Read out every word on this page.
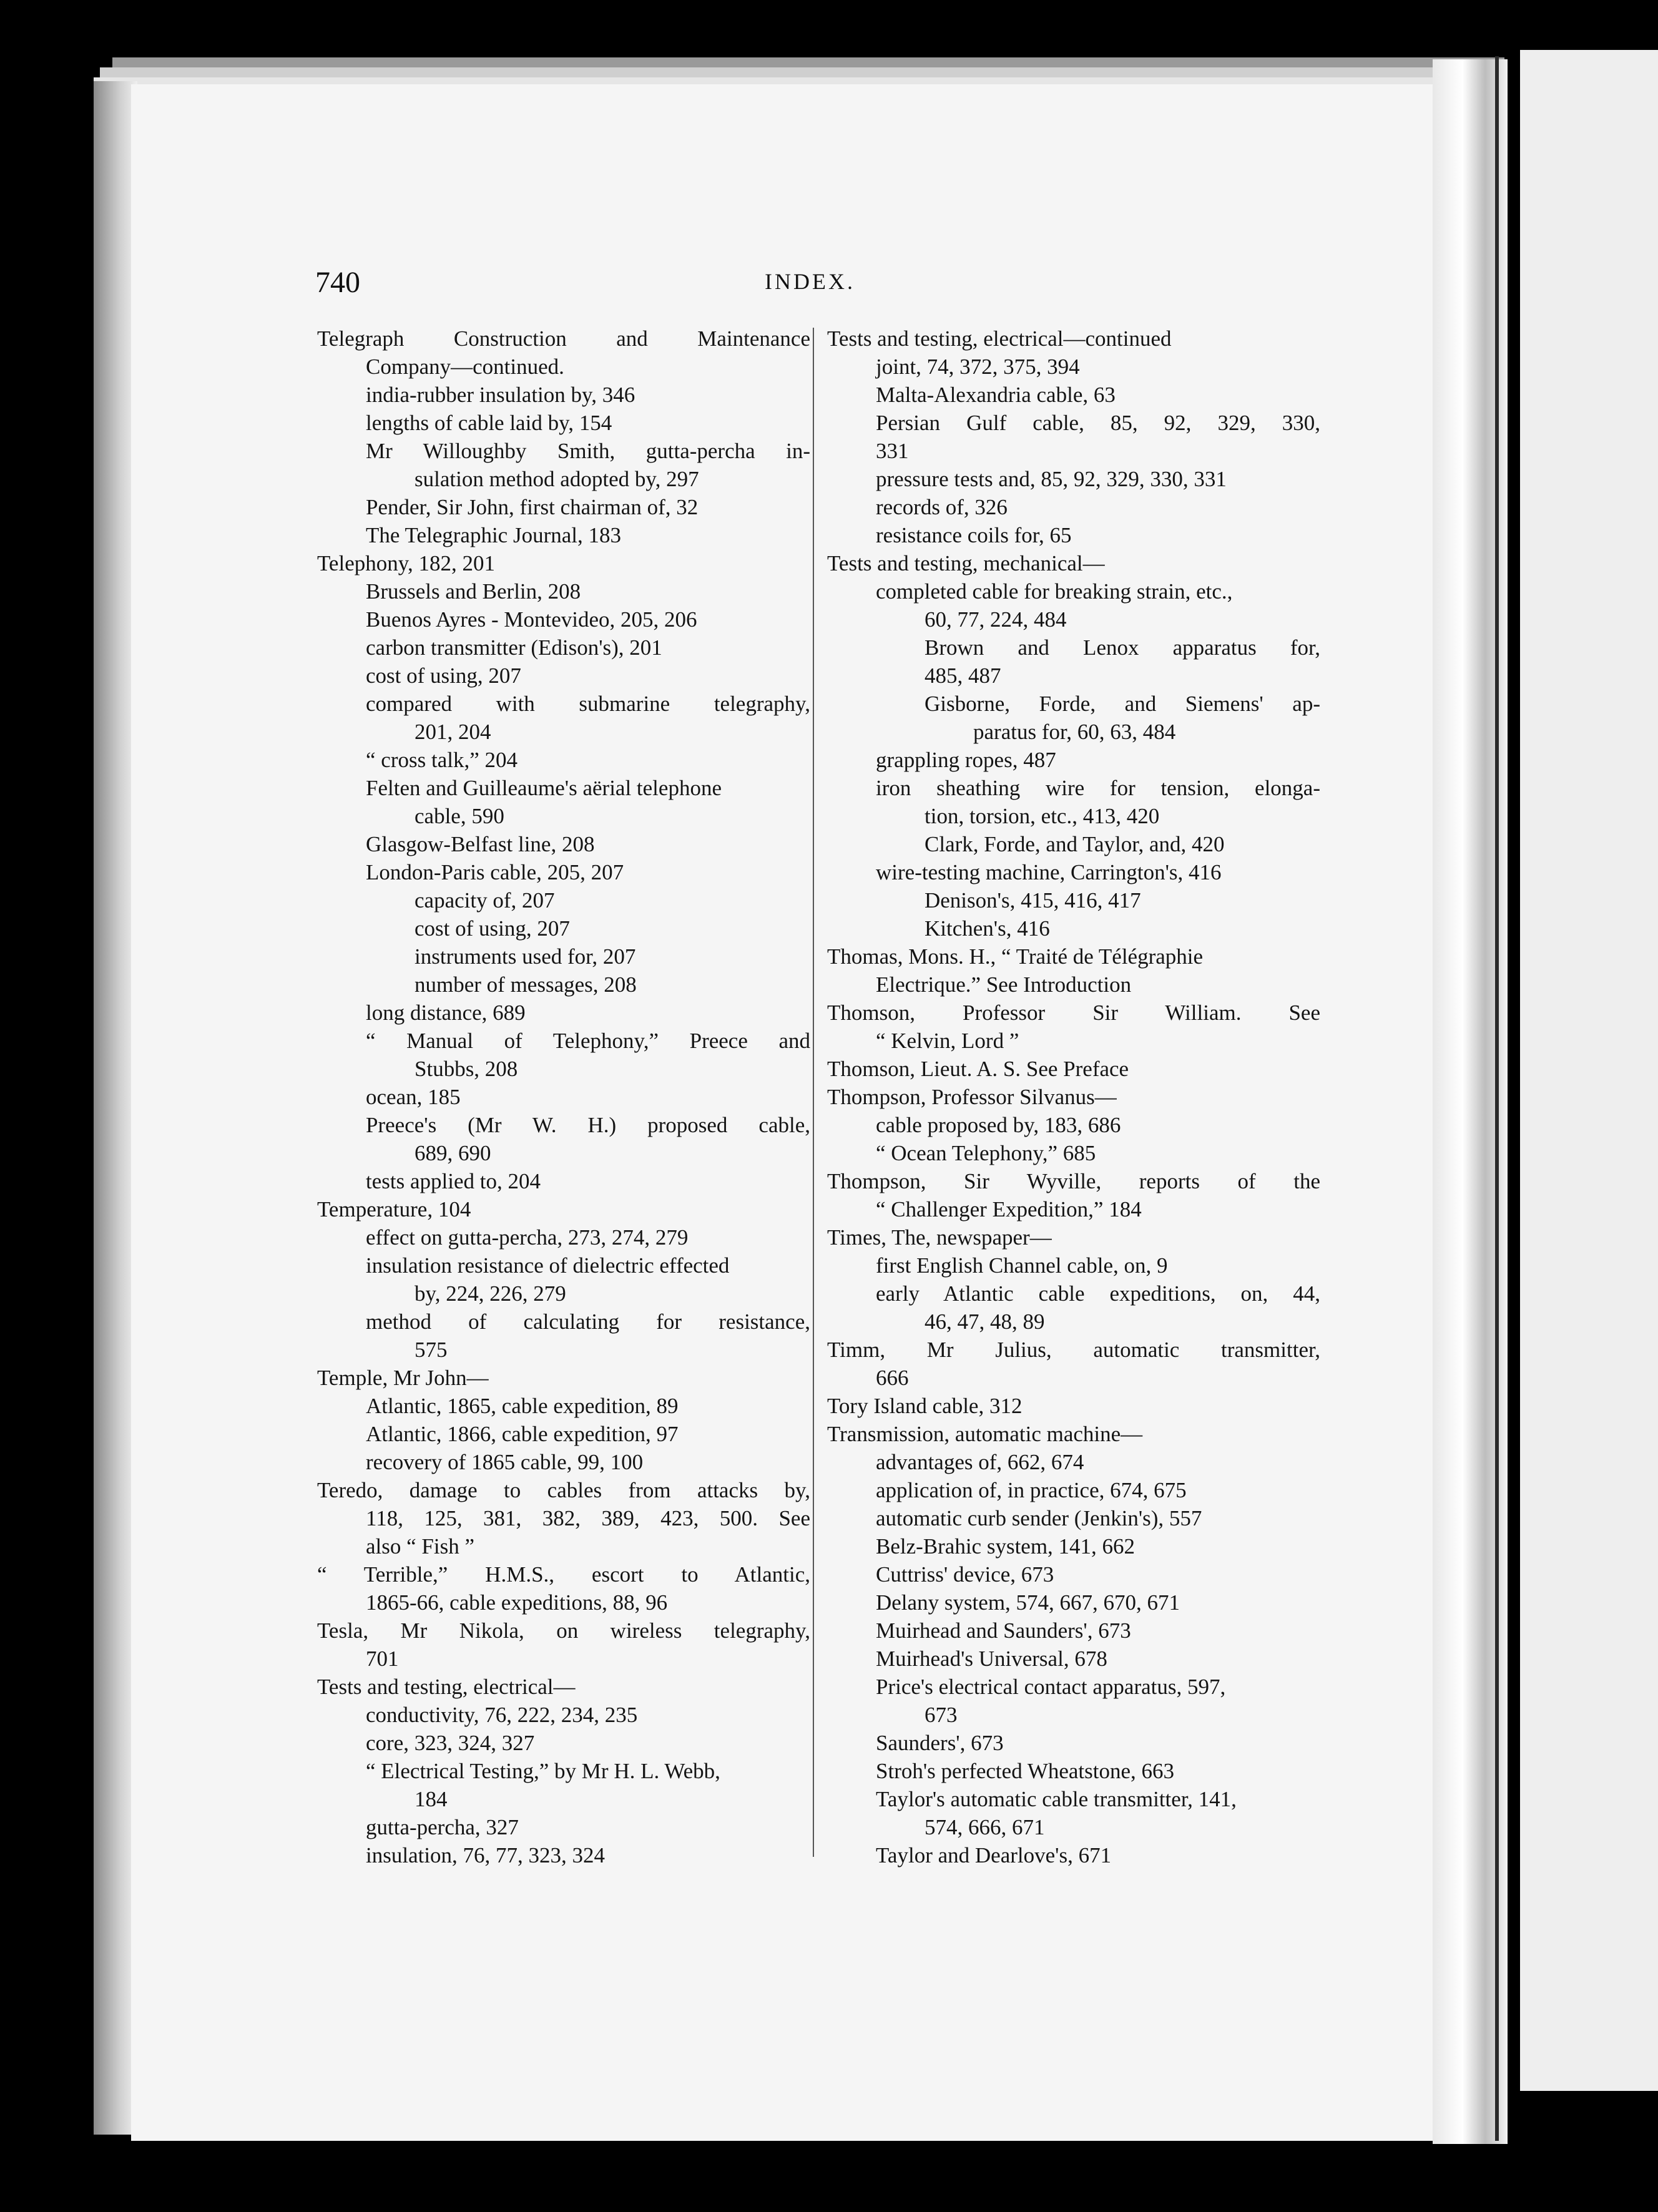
740	INDEX.
Telegraph Construction and Maintenance
Company—continued.
india-rubber insulation by, 346
lengths of cable laid by, 154
Mr Willoughby Smith, gutta-percha in-
sulation method adopted by, 297
Pender, Sir John, first chairman of, 32
The Telegraphic Journal, 183
Telephony, 182, 201
Brussels and Berlin, 208
Buenos Ayres - Montevideo, 205, 206
carbon transmitter (Edison's), 201
cost of using, 207
compared with submarine telegraphy,
201, 204
“ cross talk,” 204
Felten and Guilleaume's aërial telephone
cable, 590
Glasgow-Belfast line, 208
London-Paris cable, 205, 207
capacity of, 207
cost of using, 207
instruments used for, 207
number of messages, 208
long distance, 689
“ Manual of Telephony,” Preece and
Stubbs, 208
ocean, 185
Preece's (Mr W. H.) proposed cable,
689, 690
tests applied to, 204
Temperature, 104
effect on gutta-percha, 273, 274, 279
insulation resistance of dielectric effected
by, 224, 226, 279
method of calculating for resistance,
575
Temple, Mr John—
Atlantic, 1865, cable expedition, 89
Atlantic, 1866, cable expedition, 97
recovery of 1865 cable, 99, 100
Teredo, damage to cables from attacks by,
118, 125, 381, 382, 389, 423, 500. See
also “ Fish ”
“ Terrible,” H.M.S., escort to Atlantic,
1865-66, cable expeditions, 88, 96
Tesla, Mr Nikola, on wireless telegraphy,
701
Tests and testing, electrical—
conductivity, 76, 222, 234, 235
core, 323, 324, 327
“ Electrical Testing,” by Mr H. L. Webb,
184
gutta-percha, 327
insulation, 76, 77, 323, 324
Tests and testing, electrical—continued
joint, 74, 372, 375, 394
Malta-Alexandria cable, 63
Persian Gulf cable, 85, 92, 329, 330,
331
pressure tests and, 85, 92, 329, 330, 331
records of, 326
resistance coils for, 65
Tests and testing, mechanical—
completed cable for breaking strain, etc.,
60, 77, 224, 484
Brown and Lenox apparatus for,
485, 487
Gisborne, Forde, and Siemens' ap-
paratus for, 60, 63, 484
grappling ropes, 487
iron sheathing wire for tension, elonga-
tion, torsion, etc., 413, 420
Clark, Forde, and Taylor, and, 420
wire-testing machine, Carrington's, 416
Denison's, 415, 416, 417
Kitchen's, 416
Thomas, Mons. H., “ Traité de Télégraphie
Electrique.” See Introduction
Thomson, Professor Sir William. See
“ Kelvin, Lord ”
Thomson, Lieut. A. S. See Preface
Thompson, Professor Silvanus—
cable proposed by, 183, 686
“ Ocean Telephony,” 685
Thompson, Sir Wyville, reports of the
“ Challenger Expedition,” 184
Times, The, newspaper—
first English Channel cable, on, 9
early Atlantic cable expeditions, on, 44,
46, 47, 48, 89
Timm, Mr Julius, automatic transmitter,
666
Tory Island cable, 312
Transmission, automatic machine—
advantages of, 662, 674
application of, in practice, 674, 675
automatic curb sender (Jenkin's), 557
Belz-Brahic system, 141, 662
Cuttriss' device, 673
Delany system, 574, 667, 670, 671
Muirhead and Saunders', 673
Muirhead's Universal, 678
Price's electrical contact apparatus, 597,
673
Saunders', 673
Stroh's perfected Wheatstone, 663
Taylor's automatic cable transmitter, 141,
574, 666, 671
Taylor and Dearlove's, 671
